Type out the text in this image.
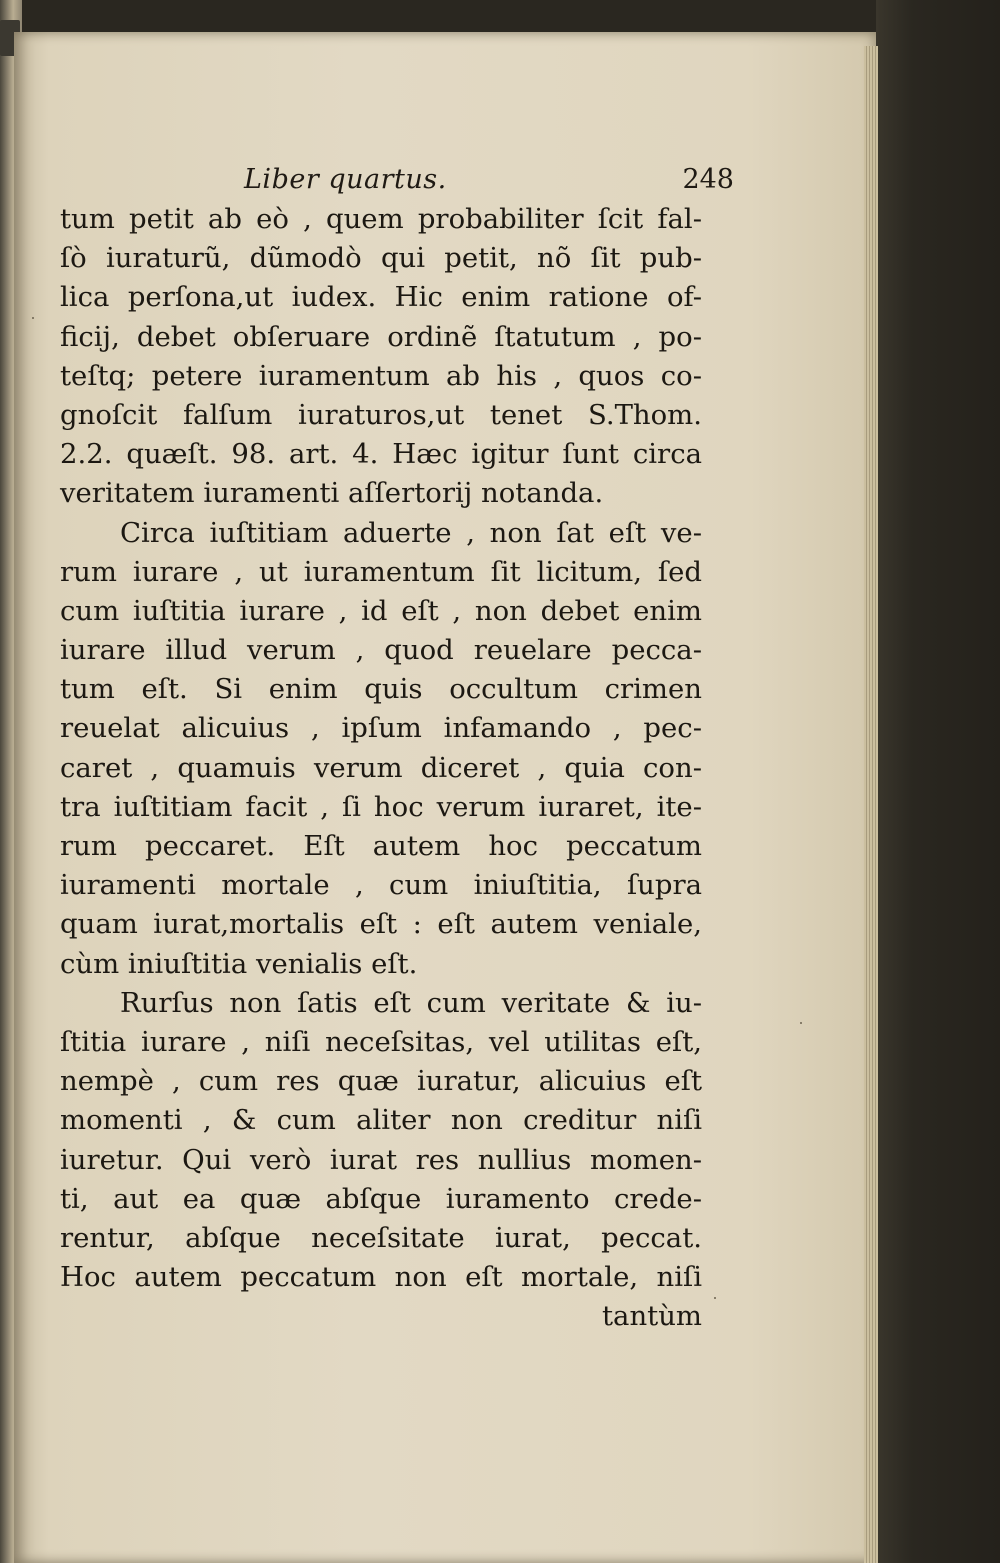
Liber quartus.	248
tum petit ab eò , quem probabiliter ſcit fal-
ſò iuraturũ, dũmodò qui petit, nõ ſit pub-
lica perſona,ut iudex. Hic enim ratione of-
ficij, debet obſeruare ordinẽ ſtatutum , po-
teſtq; petere iuramentum ab his , quos co-
gnoſcit falſum iuraturos,ut tenet S.Thom.
2.2. quæſt. 98. art. 4. Hæc igitur ſunt circa
veritatem iuramenti aſſertorij notanda.
Circa iuſtitiam aduerte , non ſat eſt ve-
rum iurare , ut iuramentum ſit licitum, ſed
cum iuſtitia iurare , id eſt , non debet enim
iurare illud verum , quod reuelare pecca-
tum eſt. Si enim quis occultum crimen
reuelat alicuius , ipſum infamando , pec-
caret , quamuis verum diceret , quia con-
tra iuſtitiam facit , ſi hoc verum iuraret, ite-
rum peccaret. Eſt autem hoc peccatum
iuramenti mortale , cum iniuſtitia, ſupra
quam iurat,mortalis eſt : eſt autem veniale,
cùm iniuſtitia venialis eſt.
Rurſus non ſatis eſt cum veritate & iu-
ſtitia iurare , niſi neceſsitas, vel utilitas eſt,
nempè , cum res quæ iuratur, alicuius eſt
momenti , & cum aliter non creditur niſi
iuretur. Qui verò iurat res nullius momen-
ti, aut ea quæ abſque iuramento crede-
rentur, abſque neceſsitate iurat, peccat.
Hoc autem peccatum non eſt mortale, niſi
tantùm
